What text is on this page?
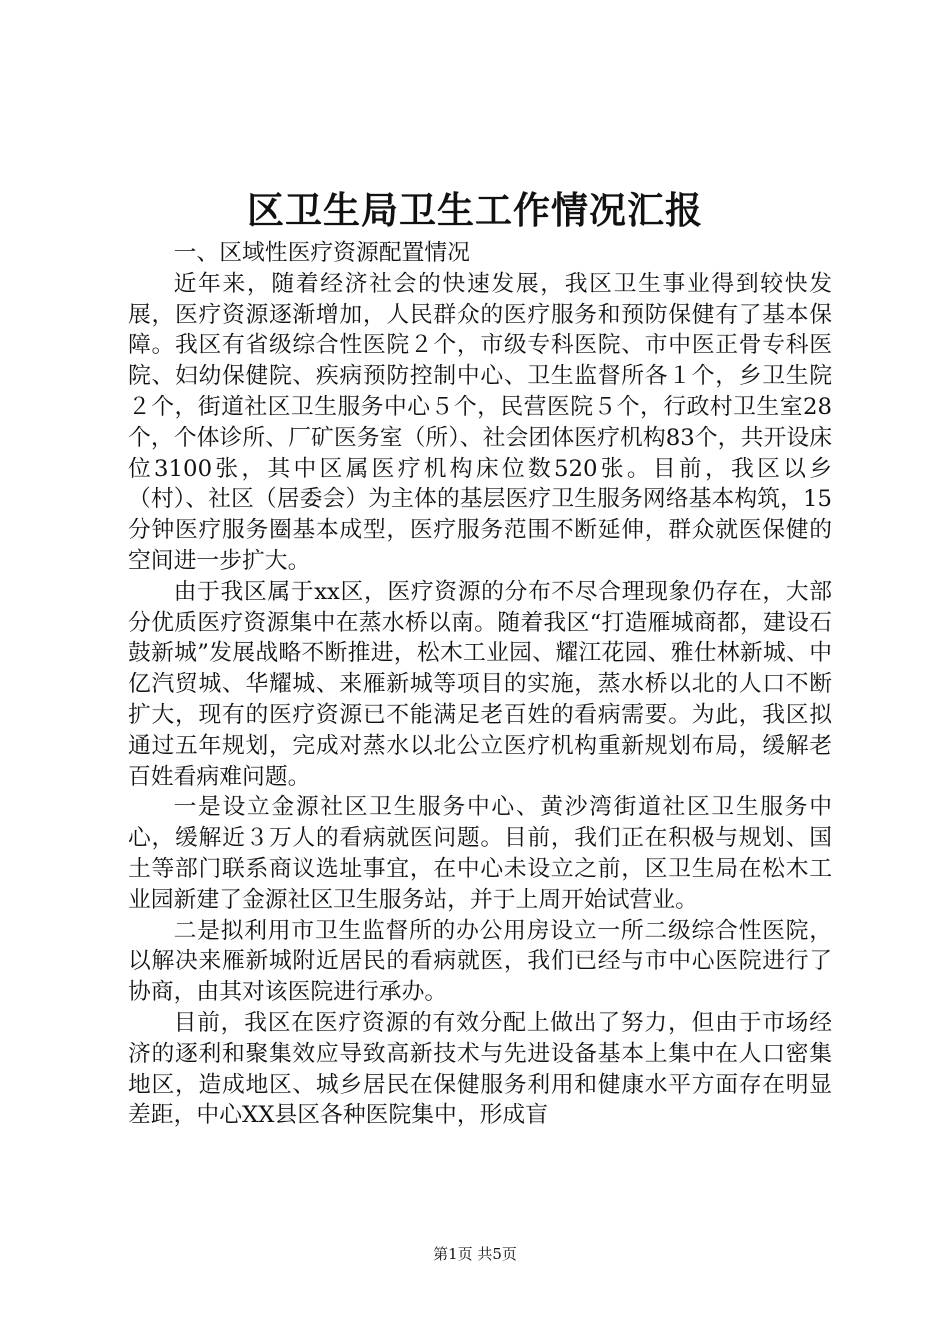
区卫生局卫生工作情况汇报

一、区域性医疗资源配置情况

近年来，随着经济社会的快速发展，我区卫生事业得到较快发展，医疗资源逐渐增加，人民群众的医疗服务和预防保健有了基本保障。我区有省级综合性医院２个，市级专科医院、市中医正骨专科医院、妇幼保健院、疾病预防控制中心、卫生监督所各１个，乡卫生院２个，街道社区卫生服务中心５个，民营医院５个，行政村卫生室28个，个体诊所、厂矿医务室（所）、社会团体医疗机构83个，共开设床位3100张，其中区属医疗机构床位数520张。目前，我区以乡（村）、社区（居委会）为主体的基层医疗卫生服务网络基本构筑，15分钟医疗服务圈基本成型，医疗服务范围不断延伸，群众就医保健的空间进一步扩大。

由于我区属于xx区，医疗资源的分布不尽合理现象仍存在，大部分优质医疗资源集中在蒸水桥以南。随着我区“打造雁城商都，建设石鼓新城”发展战略不断推进，松木工业园、耀江花园、雅仕林新城、中亿汽贸城、华耀城、来雁新城等项目的实施，蒸水桥以北的人口不断扩大，现有的医疗资源已不能满足老百姓的看病需要。为此，我区拟通过五年规划，完成对蒸水以北公立医疗机构重新规划布局，缓解老百姓看病难问题。

一是设立金源社区卫生服务中心、黄沙湾街道社区卫生服务中心，缓解近３万人的看病就医问题。目前，我们正在积极与规划、国土等部门联系商议选址事宜，在中心未设立之前，区卫生局在松木工业园新建了金源社区卫生服务站，并于上周开始试营业。

二是拟利用市卫生监督所的办公用房设立一所二级综合性医院，以解决来雁新城附近居民的看病就医，我们已经与市中心医院进行了协商，由其对该医院进行承办。

目前，我区在医疗资源的有效分配上做出了努力，但由于市场经济的逐利和聚集效应导致高新技术与先进设备基本上集中在人口密集地区，造成地区、城乡居民在保健服务利用和健康水平方面存在明显差距，中心XX县区各种医院集中，形成盲

第1页 共5页
